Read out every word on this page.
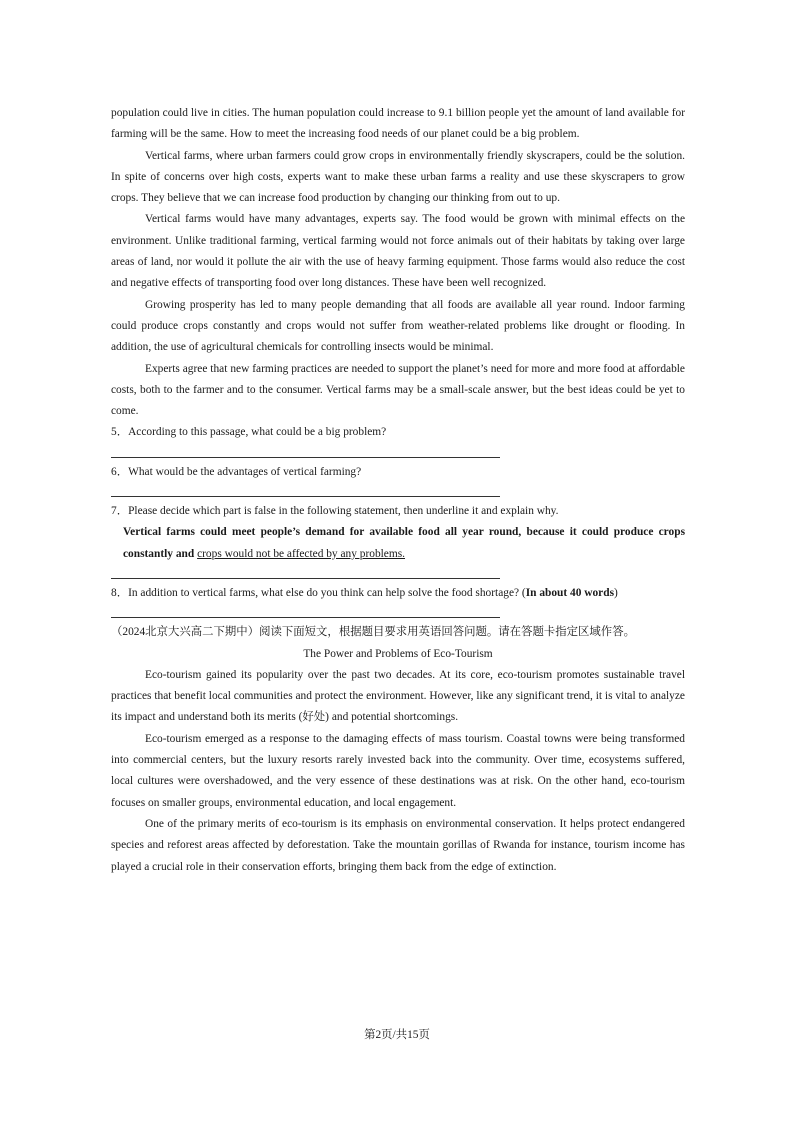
population could live in cities. The human population could increase to 9.1 billion people yet the amount of land available for farming will be the same. How to meet the increasing food needs of our planet could be a big problem.

Vertical farms, where urban farmers could grow crops in environmentally friendly skyscrapers, could be the solution. In spite of concerns over high costs, experts want to make these urban farms a reality and use these skyscrapers to grow crops. They believe that we can increase food production by changing our thinking from out to up.

Vertical farms would have many advantages, experts say. The food would be grown with minimal effects on the environment. Unlike traditional farming, vertical farming would not force animals out of their habitats by taking over large areas of land, nor would it pollute the air with the use of heavy farming equipment. Those farms would also reduce the cost and negative effects of transporting food over long distances. These have been well recognized.

Growing prosperity has led to many people demanding that all foods are available all year round. Indoor farming could produce crops constantly and crops would not suffer from weather-related problems like drought or flooding. In addition, the use of agricultural chemicals for controlling insects would be minimal.

Experts agree that new farming practices are needed to support the planet’s need for more and more food at affordable costs, both to the farmer and to the consumer. Vertical farms may be a small-scale answer, but the best ideas could be yet to come.

5．According to this passage, what could be a big problem?

6．What would be the advantages of vertical farming?

7．Please decide which part is false in the following statement, then underline it and explain why.

Vertical farms could meet people’s demand for available food all year round, because it could produce crops constantly and crops would not be affected by any problems.

8．In addition to vertical farms, what else do you think can help solve the food shortage? (In about 40 words)

（2024北京大兴高二下期中）阅读下面短文，根据题目要求用英语回答问题。请在答题卡指定区域作答。

The Power and Problems of Eco-Tourism

Eco-tourism gained its popularity over the past two decades. At its core, eco-tourism promotes sustainable travel practices that benefit local communities and protect the environment. However, like any significant trend, it is vital to analyze its impact and understand both its merits (好处) and potential shortcomings.

Eco-tourism emerged as a response to the damaging effects of mass tourism. Coastal towns were being transformed into commercial centers, but the luxury resorts rarely invested back into the community. Over time, ecosystems suffered, local cultures were overshadowed, and the very essence of these destinations was at risk. On the other hand, eco-tourism focuses on smaller groups, environmental education, and local engagement.

One of the primary merits of eco-tourism is its emphasis on environmental conservation. It helps protect endangered species and reforest areas affected by deforestation. Take the mountain gorillas of Rwanda for instance, tourism income has played a crucial role in their conservation efforts, bringing them back from the edge of extinction.

第2页/共15页
